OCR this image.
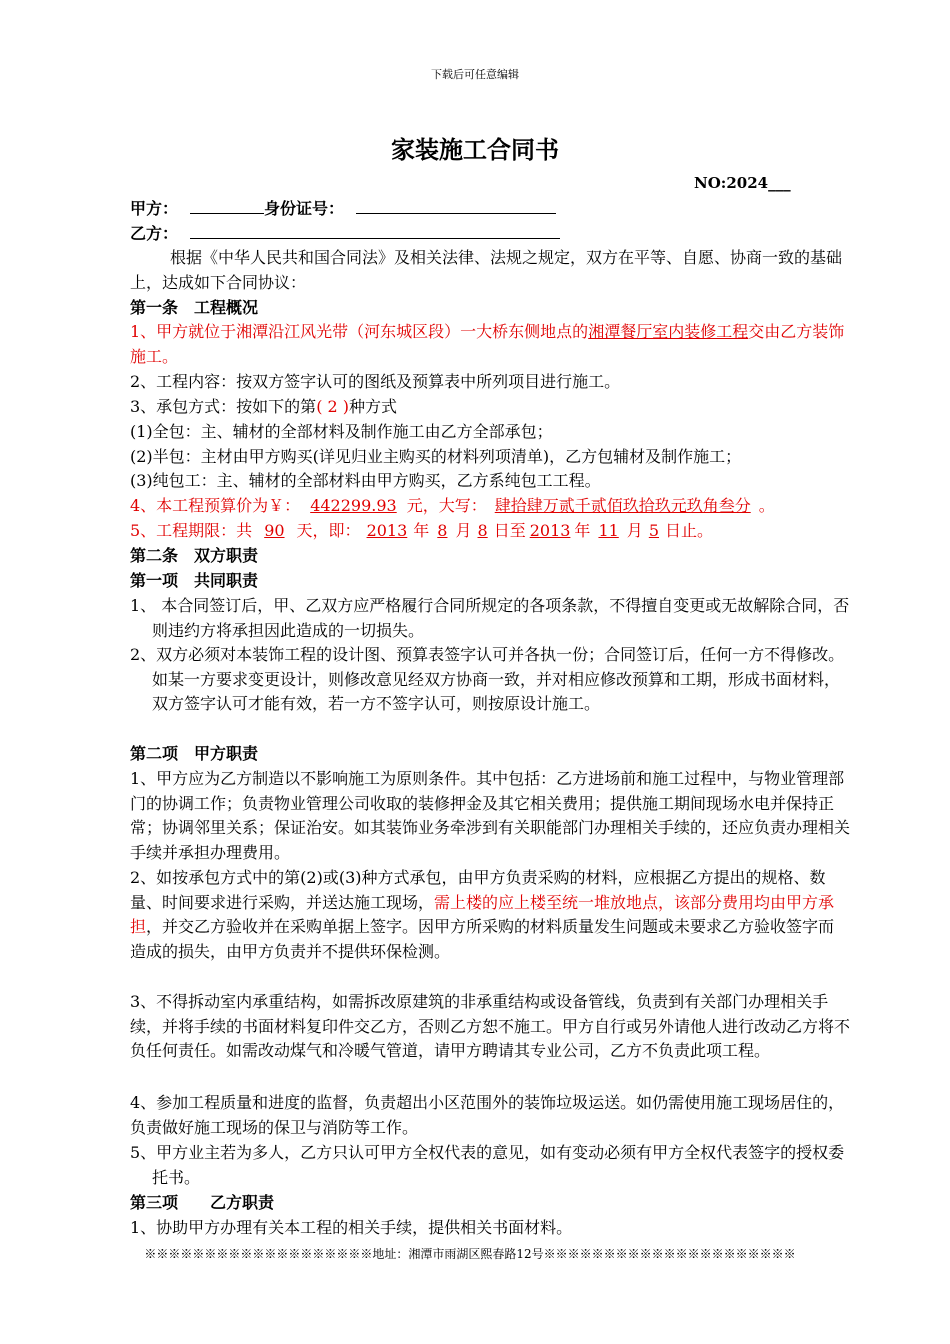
下载后可任意编辑
家装施工合同书
NO:2024___
甲方：	身份证号：
乙方：
根据《中华人民共和国合同法》及相关法律、法规之规定，双方在平等、自愿、协商一致的基础上，达成如下合同协议：
第一条　工程概况
1、甲方就位于湘潭沿江风光带（河东城区段）一大桥东侧地点的湘潭餐厅室内装修工程交由乙方装饰施工。
2、工程内容：按双方签字认可的图纸及预算表中所列项目进行施工。
3、承包方式：按如下的第( 2 )种方式
(1)全包：主、辅材的全部材料及制作施工由乙方全部承包；
(2)半包：主材由甲方购买(详见归业主购买的材料列项清单)，乙方包辅材及制作施工；
(3)纯包工：主、辅材的全部材料由甲方购买，乙方系纯包工工程。
4、本工程预算价为￥： 442299.93 元，大写： 肆拾肆万贰千贰佰玖拾玖元玖角叁分 。
5、工程期限：共 90 天，即： 2013 年 8 月 8 日至 2013 年 11 月 5 日止。
第二条　双方职责
第一项　共同职责
1、 本合同签订后，甲、乙双方应严格履行合同所规定的各项条款，不得擅自变更或无故解除合同，否则违约方将承担因此造成的一切损失。
2、双方必须对本装饰工程的设计图、预算表签字认可并各执一份；合同签订后，任何一方不得修改。如某一方要求变更设计，则修改意见经双方协商一致，并对相应修改预算和工期，形成书面材料，双方签字认可才能有效，若一方不签字认可，则按原设计施工。
第二项　甲方职责
1、甲方应为乙方制造以不影响施工为原则条件。其中包括：乙方进场前和施工过程中，与物业管理部门的协调工作；负责物业管理公司收取的装修押金及其它相关费用；提供施工期间现场水电并保持正常；协调邻里关系；保证治安。如其装饰业务牵涉到有关职能部门办理相关手续的，还应负责办理相关手续并承担办理费用。
2、如按承包方式中的第(2)或(3)种方式承包，由甲方负责采购的材料，应根据乙方提出的规格、数量、时间要求进行采购，并送达施工现场，需上楼的应上楼至统一堆放地点，该部分费用均由甲方承担，并交乙方验收并在采购单据上签字。因甲方所采购的材料质量发生问题或未要求乙方验收签字而造成的损失，由甲方负责并不提供环保检测。
3、不得拆动室内承重结构，如需拆改原建筑的非承重结构或设备管线，负责到有关部门办理相关手续，并将手续的书面材料复印件交乙方，否则乙方恕不施工。甲方自行或另外请他人进行改动乙方将不负任何责任。如需改动煤气和冷暖气管道，请甲方聘请其专业公司，乙方不负责此项工程。
4、参加工程质量和进度的监督，负责超出小区范围外的装饰垃圾运送。如仍需使用施工现场居住的，负责做好施工现场的保卫与消防等工作。
5、甲方业主若为多人，乙方只认可甲方全权代表的意见，如有变动必须有甲方全权代表签字的授权委托书。
第三项　　乙方职责
1、协助甲方办理有关本工程的相关手续，提供相关书面材料。
※※※※※※※※※※※※※※※※※※※地址：湘潭市雨湖区熙春路12号※※※※※※※※※※※※※※※※※※※※※
